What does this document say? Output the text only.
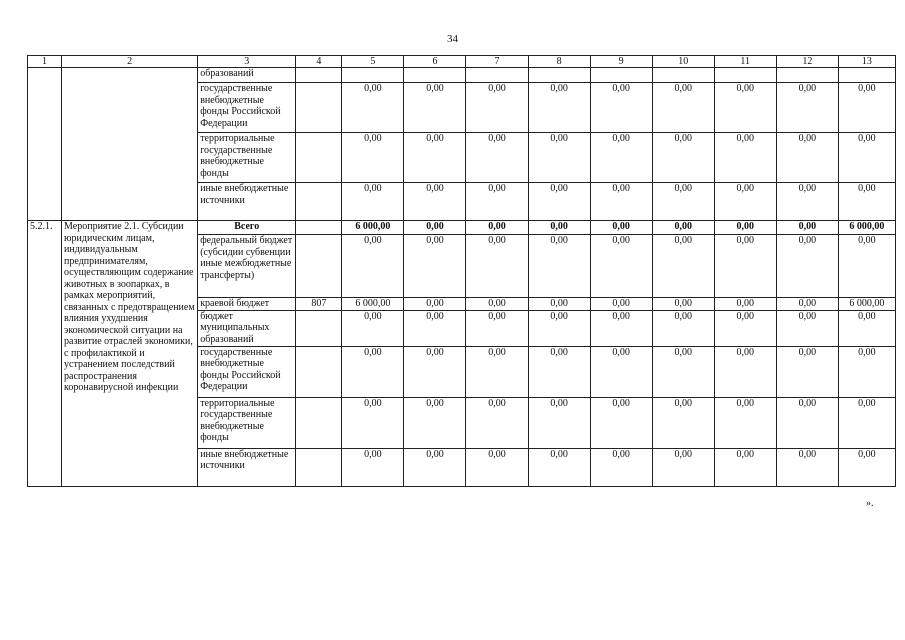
34
1	2	3	4	5	6	7	8	9	10	11	12	13
		образований										
		государственные внебюджетные фонды Российской Федерации		0,00	0,00	0,00	0,00	0,00	0,00	0,00	0,00	0,00
		территориальные государственные внебюджетные фонды		0,00	0,00	0,00	0,00	0,00	0,00	0,00	0,00	0,00
		иные внебюджетные источники		0,00	0,00	0,00	0,00	0,00	0,00	0,00	0,00	0,00
5.2.1.	Мероприятие 2.1. Субсидии юридическим лицам, индивидуальным предпринимателям, осуществляющим содержание животных в зоопарках, в рамках мероприятий, связанных с предотвращением влияния ухудшения экономической ситуации на развитие отраслей экономики, с профилактикой и устранением последствий распространения коронавирусной инфекции	Всего		6 000,00	0,00	0,00	0,00	0,00	0,00	0,00	0,00	6 000,00
		федеральный бюджет (субсидии субвенции иные межбюджетные трансферты)		0,00	0,00	0,00	0,00	0,00	0,00	0,00	0,00	0,00
		краевой бюджет	807	6 000,00	0,00	0,00	0,00	0,00	0,00	0,00	0,00	6 000,00
		бюджет муниципальных образований		0,00	0,00	0,00	0,00	0,00	0,00	0,00	0,00	0,00
		государственные внебюджетные фонды Российской Федерации		0,00	0,00	0,00	0,00	0,00	0,00	0,00	0,00	0,00
		территориальные государственные внебюджетные фонды		0,00	0,00	0,00	0,00	0,00	0,00	0,00	0,00	0,00
		иные внебюджетные источники		0,00	0,00	0,00	0,00	0,00	0,00	0,00	0,00	0,00
».
